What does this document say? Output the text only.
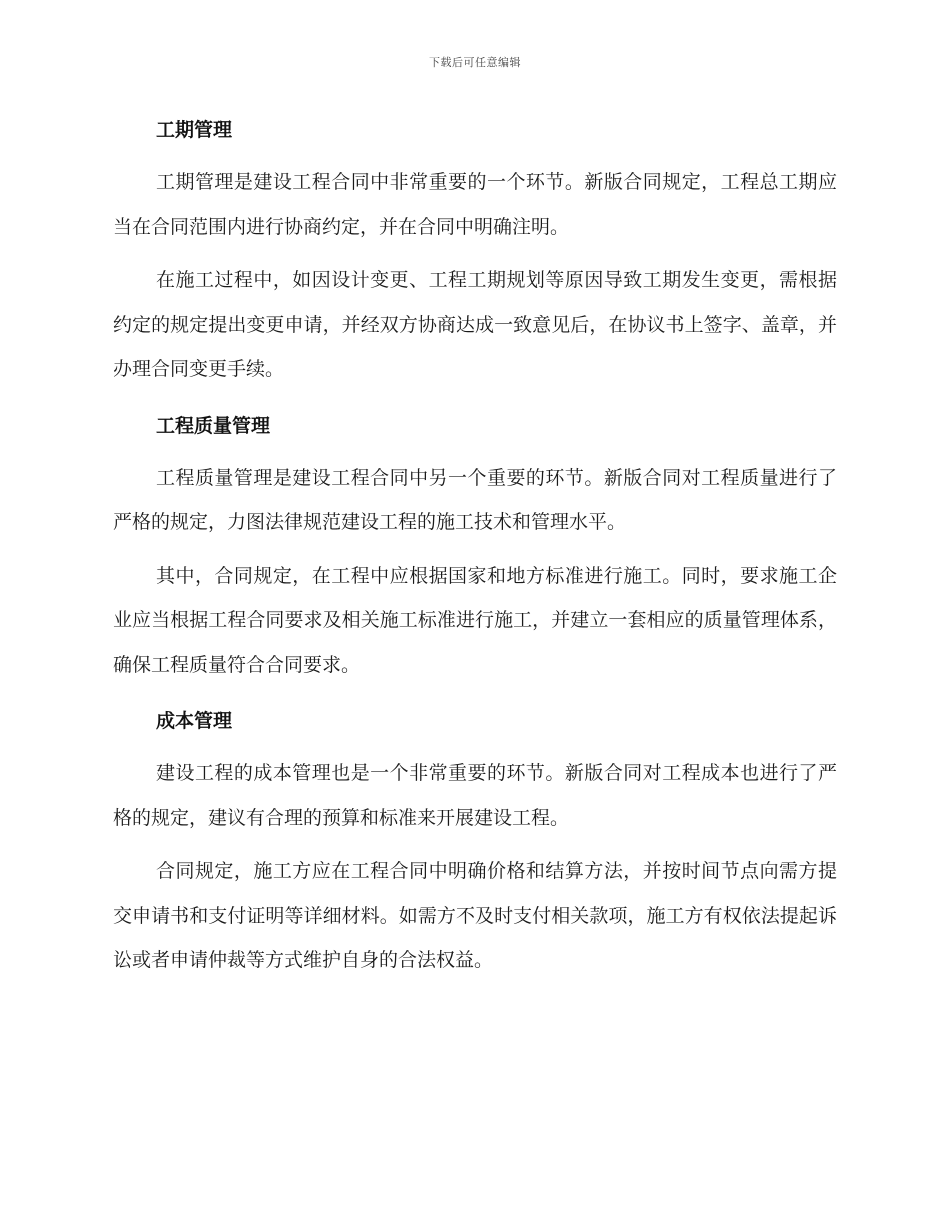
下载后可任意编辑
工期管理

工期管理是建设工程合同中非常重要的一个环节。新版合同规定，工程总工期应当在合同范围内进行协商约定，并在合同中明确注明。

在施工过程中，如因设计变更、工程工期规划等原因导致工期发生变更，需根据约定的规定提出变更申请，并经双方协商达成一致意见后，在协议书上签字、盖章，并办理合同变更手续。

工程质量管理

工程质量管理是建设工程合同中另一个重要的环节。新版合同对工程质量进行了严格的规定，力图法律规范建设工程的施工技术和管理水平。

其中，合同规定，在工程中应根据国家和地方标准进行施工。同时，要求施工企业应当根据工程合同要求及相关施工标准进行施工，并建立一套相应的质量管理体系，确保工程质量符合合同要求。

成本管理

建设工程的成本管理也是一个非常重要的环节。新版合同对工程成本也进行了严格的规定，建议有合理的预算和标准来开展建设工程。

合同规定，施工方应在工程合同中明确价格和结算方法，并按时间节点向需方提交申请书和支付证明等详细材料。如需方不及时支付相关款项，施工方有权依法提起诉讼或者申请仲裁等方式维护自身的合法权益。
